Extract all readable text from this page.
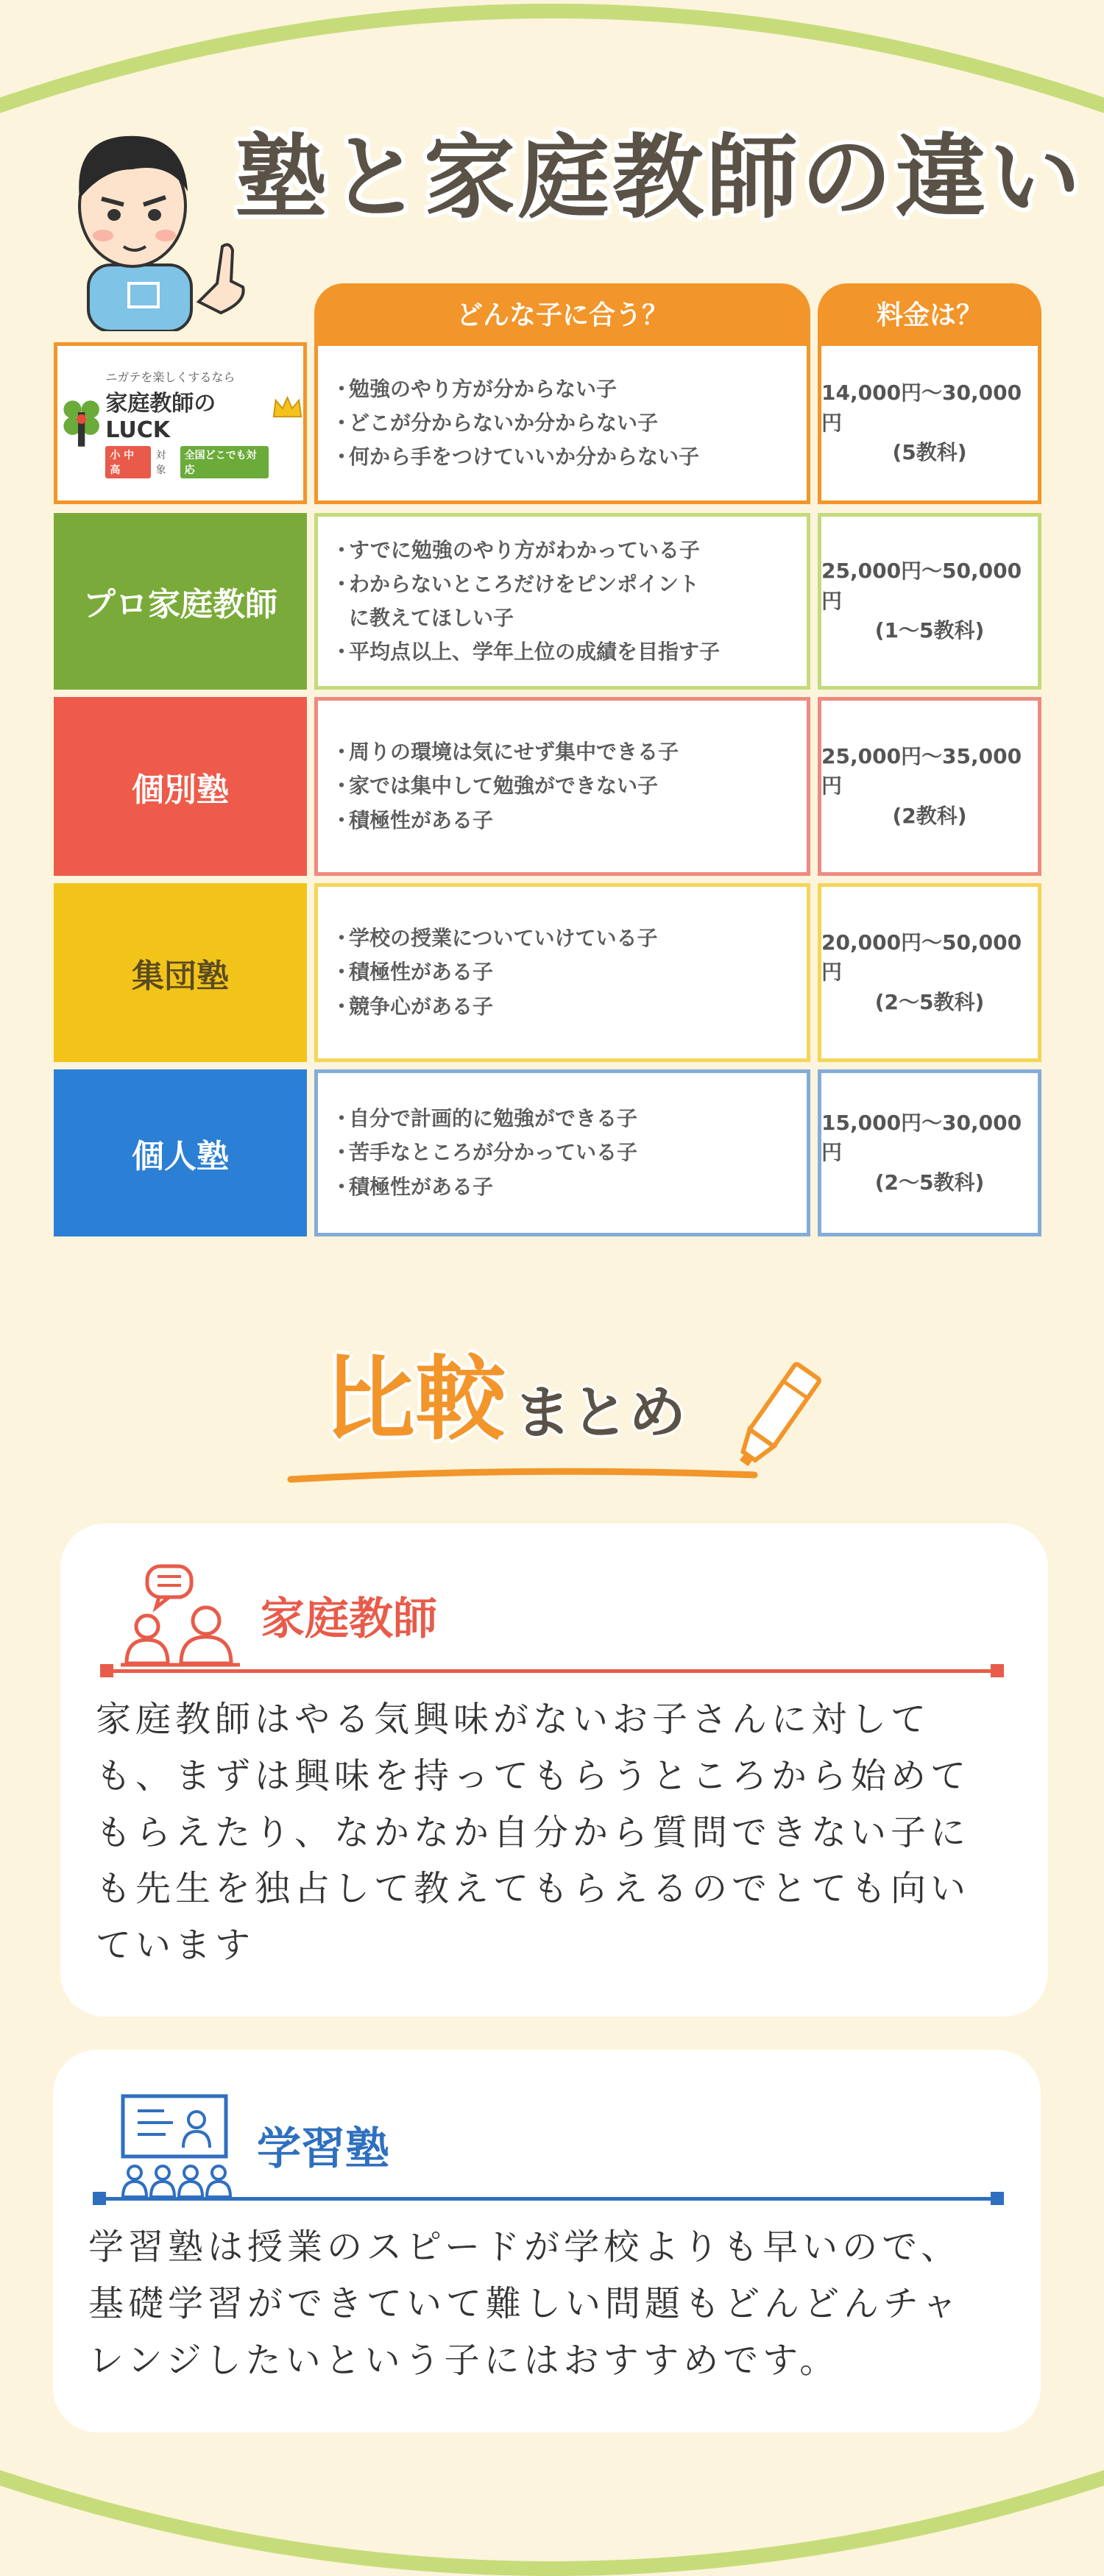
塾と家庭教師の違い
どんな子に合う？	料金は？
ニガテを楽しくするなら
家庭教師のLUCK
小 中 高
対象
全国どこでも対応
・
勉強のやり方が分からない子
・
どこが分からないか分からない子
・
何から手をつけていいか分からない子
14,000円〜30,000円
(5教科)
プロ家庭教師
・
すでに勉強のやり方がわかっている子
・
わからないところだけをピンポイント
に教えてほしい子
・
平均点以上、学年上位の成績を目指す子
25,000円〜50,000円
(1〜5教科)
個別塾
・
周りの環境は気にせず集中できる子
・
家では集中して勉強ができない子
・
積極性がある子
25,000円〜35,000円
(2教科)
集団塾
・
学校の授業についていけている子
・
積極性がある子
・
競争心がある子
20,000円〜50,000円
(2〜5教科)
個人塾
・
自分で計画的に勉強ができる子
・
苦手なところが分かっている子
・
積極性がある子
15,000円〜30,000円
(2〜5教科)
比較 まとめ
家庭教師
家庭教師はやる気興味がないお子さんに対して
も、まずは興味を持ってもらうところから始めて
もらえたり、なかなか自分から質問できない子に
も先生を独占して教えてもらえるのでとても向い
ています
学習塾
学習塾は授業のスピードが学校よりも早いので、
基礎学習ができていて難しい問題もどんどんチャ
レンジしたいという子にはおすすめです。
